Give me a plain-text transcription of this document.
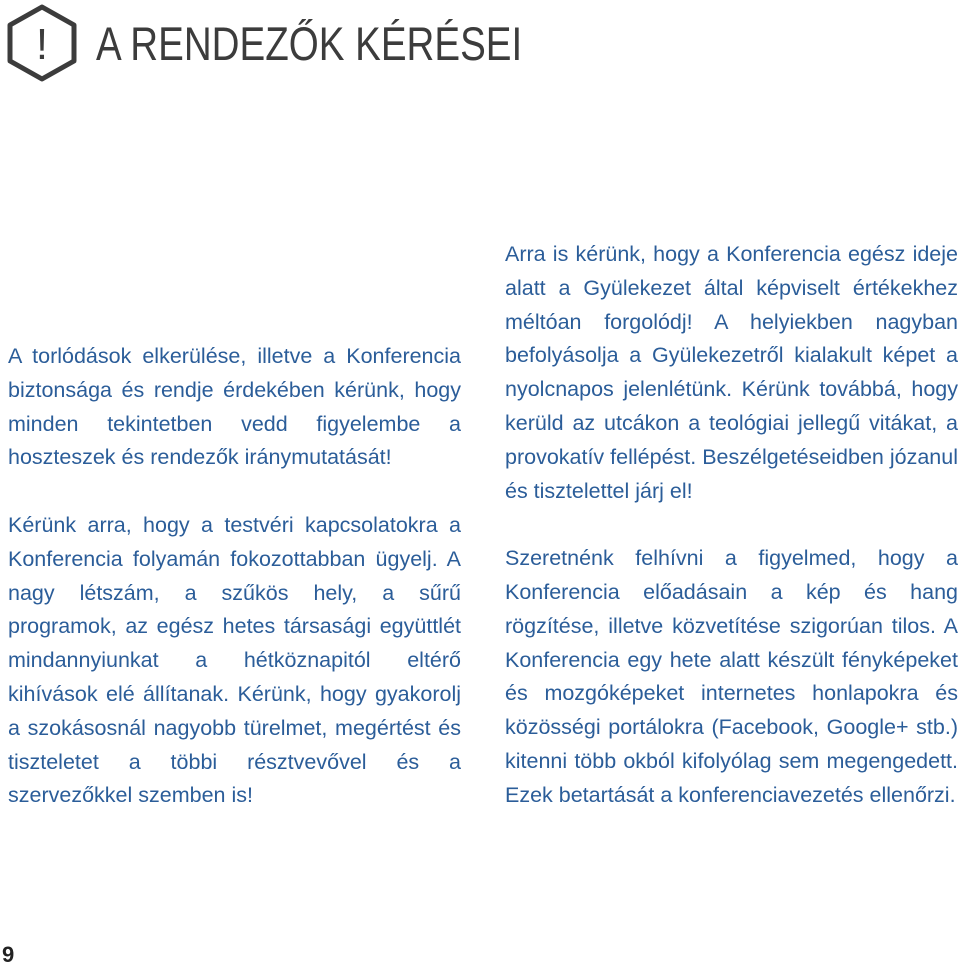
! A RENDEZŐK KÉRÉSEI

A torlódások elkerülése, illetve a Konferencia biztonsága és rendje érdekében kérünk, hogy minden tekintetben vedd figyelembe a hoszteszek és rendezők iránymutatását!

Kérünk arra, hogy a testvéri kapcsolatokra a Konferencia folyamán fokozottabban ügyelj. A nagy létszám, a szűkös hely, a sűrű programok, az egész hetes társasági együttlét mindannyiunkat a hétköznapitól eltérő kihívások elé állítanak. Kérünk, hogy gyakorolj a szokásosnál nagyobb türelmet, megértést és tiszteletet a többi résztvevővel és a szervezőkkel szemben is!

Arra is kérünk, hogy a Konferencia egész ideje alatt a Gyülekezet által képviselt értékekhez méltóan forgolódj! A helyiekben nagyban befolyásolja a Gyülekezetről kialakult képet a nyolcnapos jelenlétünk. Kérünk továbbá, hogy kerüld az utcákon a teológiai jellegű vitákat, a provokatív fellépést. Beszélgetéseidben józanul és tisztelettel járj el!

Szeretnénk felhívni a figyelmed, hogy a Konferencia előadásain a kép és hang rögzítése, illetve közvetítése szigorúan tilos. A Konferencia egy hete alatt készült fényképeket és mozgóképeket internetes honlapokra és közösségi portálokra (Facebook, Google+ stb.) kitenni több okból kifolyólag sem megengedett. Ezek betartását a konferenciavezetés ellenőrzi.

9
